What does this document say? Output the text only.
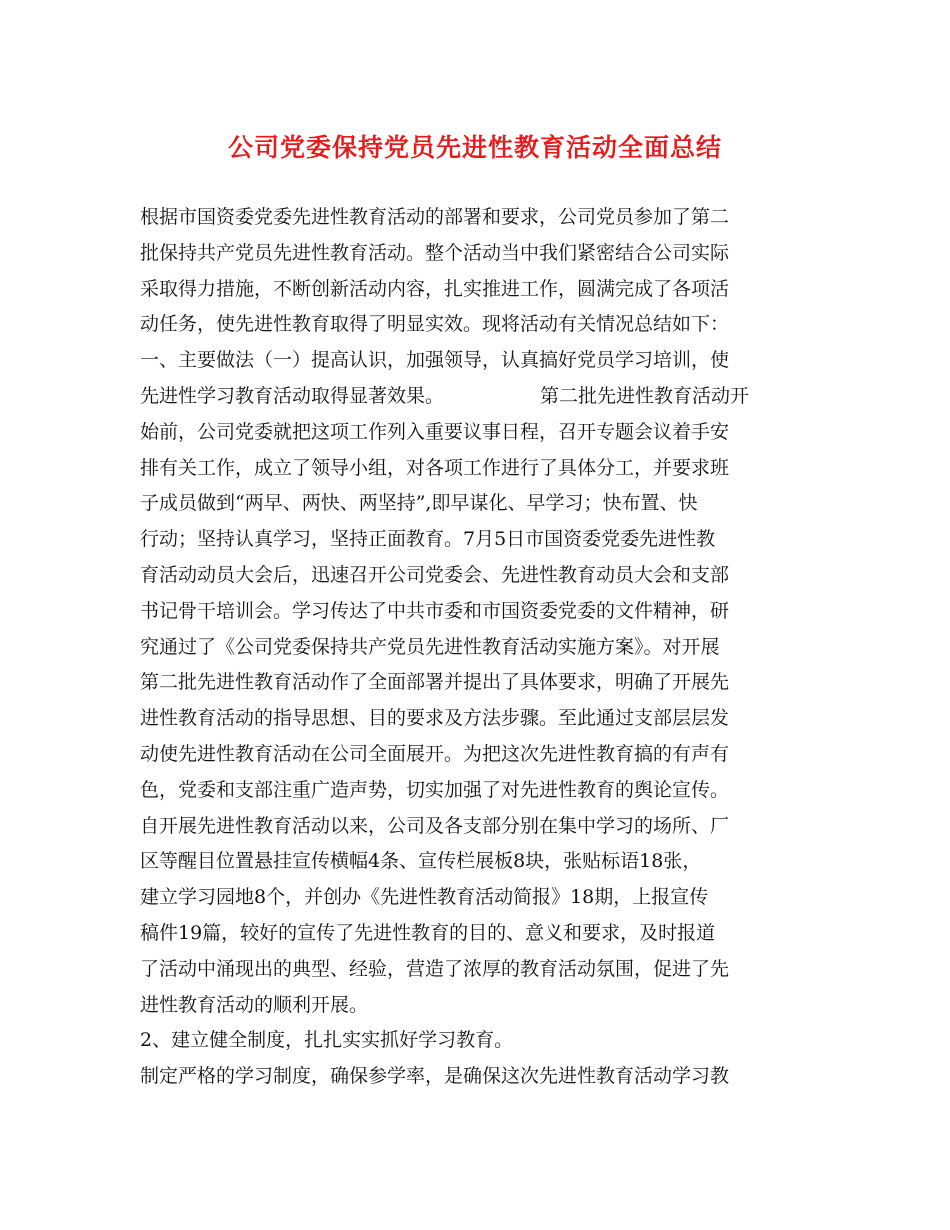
公司党委保持党员先进性教育活动全面总结
根据市国资委党委先进性教育活动的部署和要求，公司党员参加了第二
批保持共产党员先进性教育活动。整个活动当中我们紧密结合公司实际
采取得力措施，不断创新活动内容，扎实推进工作，圆满完成了各项活
动任务，使先进性教育取得了明显实效。现将活动有关情况总结如下：
一、主要做法（一）提高认识，加强领导，认真搞好党员学习培训，使
先进性学习教育活动取得显著效果。	第二批先进性教育活动开
始前，公司党委就把这项工作列入重要议事日程，召开专题会议着手安
排有关工作，成立了领导小组，对各项工作进行了具体分工，并要求班
子成员做到“两早、两快、两坚持”,即早谋化、早学习；快布置、快
行动；坚持认真学习，坚持正面教育。7月5日市国资委党委先进性教
育活动动员大会后，迅速召开公司党委会、先进性教育动员大会和支部
书记骨干培训会。学习传达了中共市委和市国资委党委的文件精神，研
究通过了《公司党委保持共产党员先进性教育活动实施方案》。对开展
第二批先进性教育活动作了全面部署并提出了具体要求，明确了开展先
进性教育活动的指导思想、目的要求及方法步骤。至此通过支部层层发
动使先进性教育活动在公司全面展开。为把这次先进性教育搞的有声有
色，党委和支部注重广造声势，切实加强了对先进性教育的舆论宣传。
自开展先进性教育活动以来，公司及各支部分别在集中学习的场所、厂
区等醒目位置悬挂宣传横幅4条、宣传栏展板8块，张贴标语18张，
建立学习园地8个，并创办《先进性教育活动简报》18期，上报宣传
稿件19篇，较好的宣传了先进性教育的目的、意义和要求，及时报道
了活动中涌现出的典型、经验，营造了浓厚的教育活动氛围，促进了先
进性教育活动的顺利开展。
2、建立健全制度，扎扎实实抓好学习教育。
制定严格的学习制度，确保参学率，是确保这次先进性教育活动学习教
